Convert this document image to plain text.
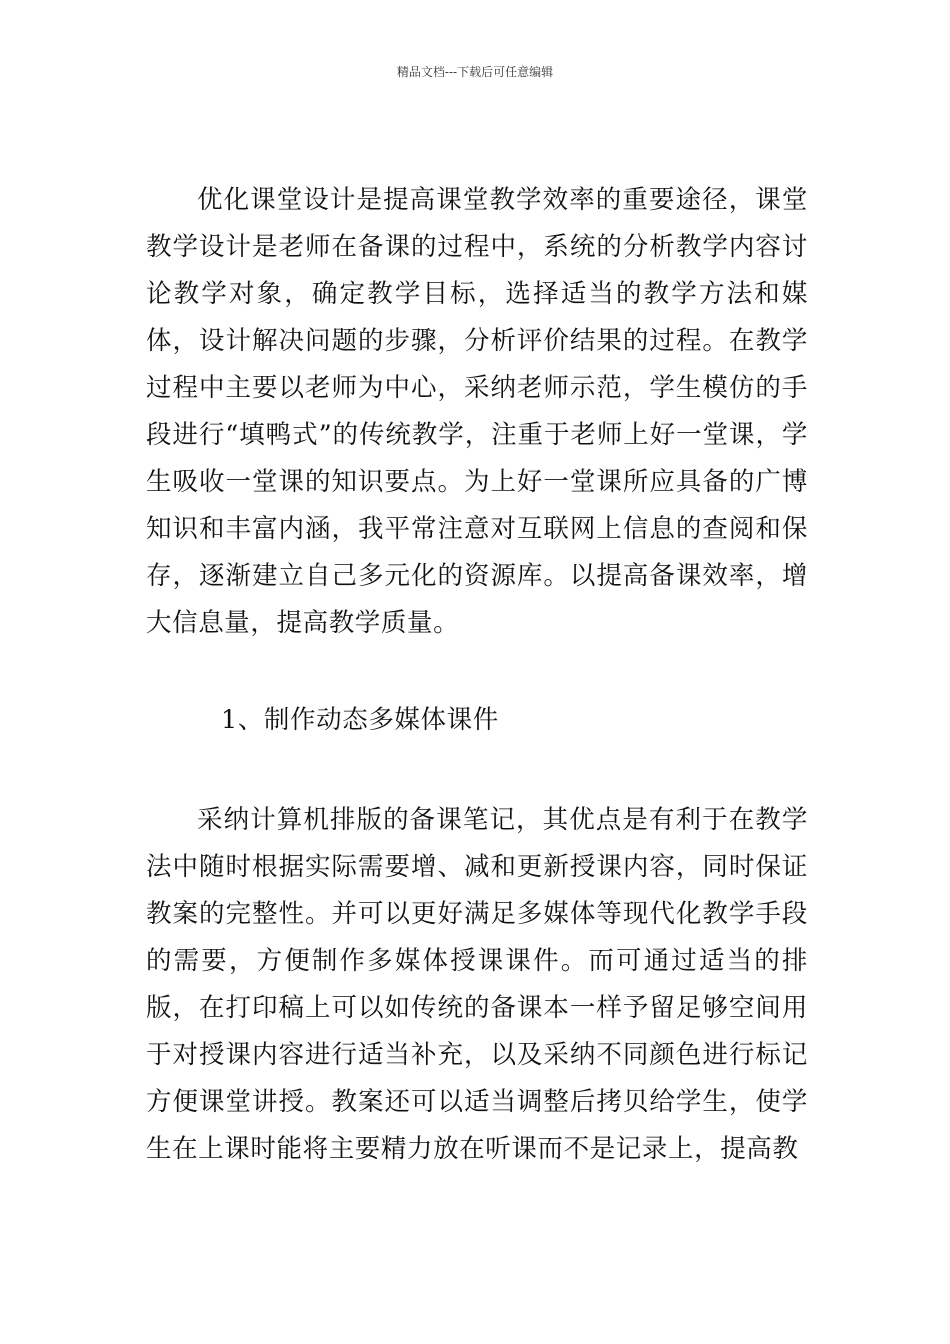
精品文档---下载后可任意编辑

优化课堂设计是提高课堂教学效率的重要途径，课堂教学设计是老师在备课的过程中，系统的分析教学内容讨论教学对象，确定教学目标，选择适当的教学方法和媒体，设计解决问题的步骤，分析评价结果的过程。在教学过程中主要以老师为中心，采纳老师示范，学生模仿的手段进行“填鸭式”的传统教学，注重于老师上好一堂课，学生吸收一堂课的知识要点。为上好一堂课所应具备的广博知识和丰富内涵，我平常注意对互联网上信息的查阅和保存，逐渐建立自己多元化的资源库。以提高备课效率，增大信息量，提高教学质量。

1、制作动态多媒体课件

采纳计算机排版的备课笔记，其优点是有利于在教学法中随时根据实际需要增、减和更新授课内容，同时保证教案的完整性。并可以更好满足多媒体等现代化教学手段的需要，方便制作多媒体授课课件。而可通过适当的排版，在打印稿上可以如传统的备课本一样予留足够空间用于对授课内容进行适当补充，以及采纳不同颜色进行标记方便课堂讲授。教案还可以适当调整后拷贝给学生，使学生在上课时能将主要精力放在听课而不是记录上，提高教
